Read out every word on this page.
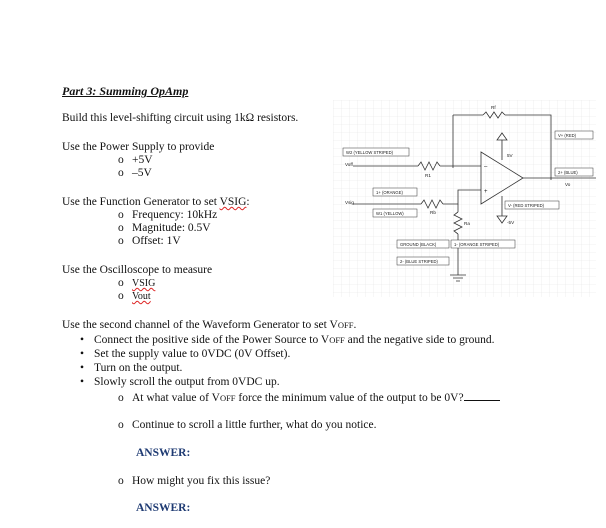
Part 3: Summing OpAmp
Build this level-shifting circuit using 1kΩ resistors.
Use the Power Supply to provide
o +5V
o –5V
Use the Function Generator to set VSIG:
o Frequency: 10kHz
o Magnitude: 0.5V
o Offset: 1V
Use the Oscilloscope to measure
o VSIG
o Vout
Use the second channel of the Waveform Generator to set VOFF.
• Connect the positive side of the Power Source to VOFF and the negative side to ground.
• Set the supply value to 0VDC (0V Offset).
• Turn on the output.
• Slowly scroll the output from 0VDC up.
o At what value of VOFF force the minimum value of the output to be 0V?
o Continue to scroll a little further, what do you notice.
ANSWER:
o How might you fix this issue?
ANSWER:
Rf
R1
Rb
Ra
Voff
Vsig
5V
-5V
Vo
+
–
W2 (YELLOW STRIPED)
1+ (ORANGE)
W1 (YELLOW)
GROUND (BLACK)	1- (ORANGE STRIPED)
2- (BLUE STRIPED)
V+ (RED)
2+ (BLUE)
V- (RED STRIPED)
